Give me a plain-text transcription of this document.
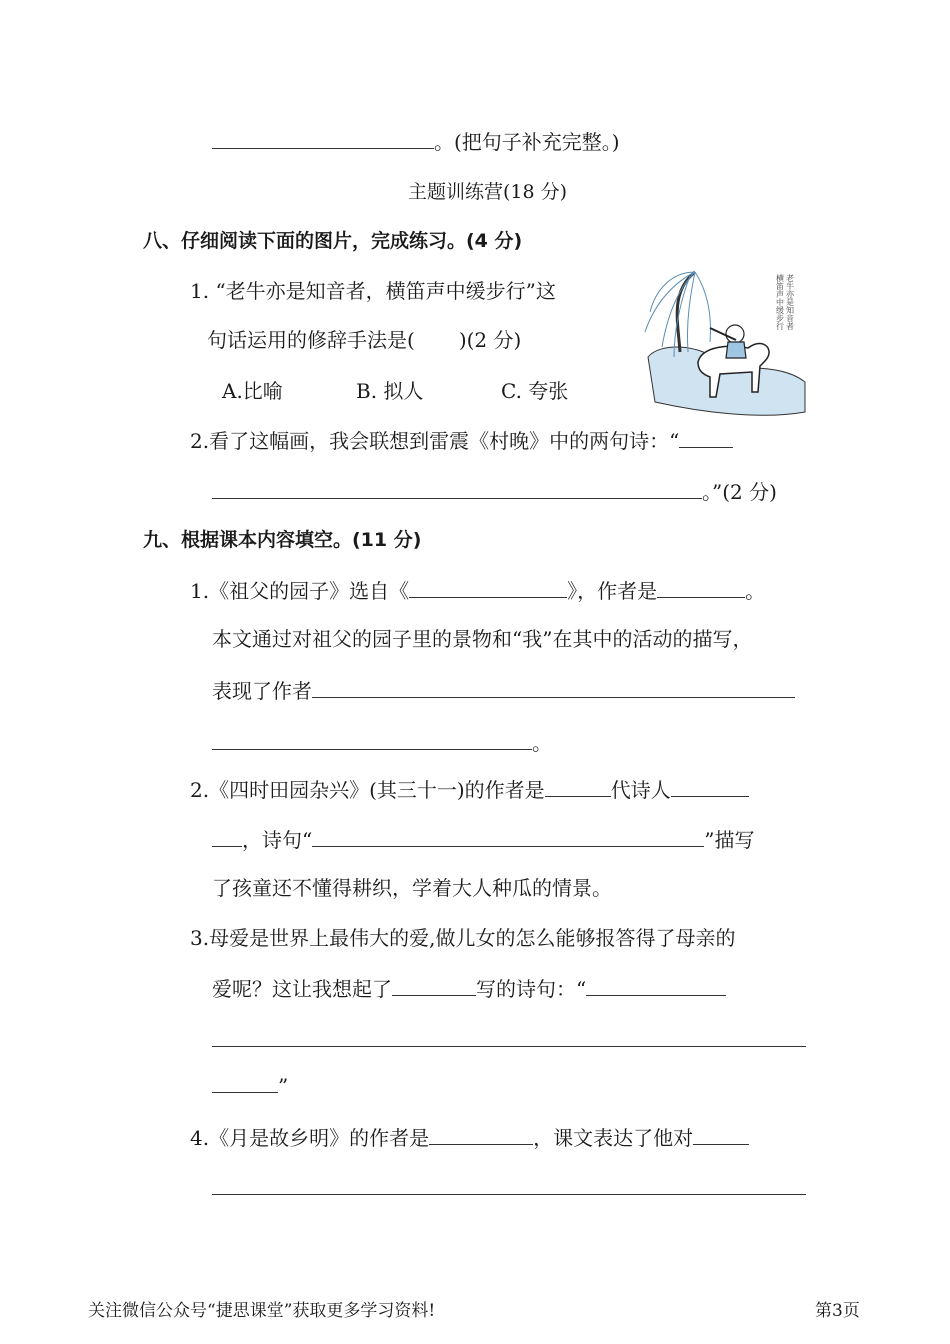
。(把句子补充完整。)
主题训练营(18 分)
八、仔细阅读下面的图片，完成练习。(4 分)
1. “老牛亦是知音者，横笛声中缓步行”这
句话运用的修辞手法是( )(2 分)
A.比喻	B. 拟人	C. 夸张
老牛亦是知音者
横笛声中缓步行
2.看了这幅画，我会联想到雷震《村晚》中的两句诗：“
。”(2 分)
九、根据课本内容填空。(11 分)
1.《祖父的园子》选自《	》，作者是	。
本文通过对祖父的园子里的景物和“我”在其中的活动的描写，
表现了作者
。
2.《四时田园杂兴》(其三十一)的作者是	代诗人
，诗句“	”描写
了孩童还不懂得耕织，学着大人种瓜的情景。
3.母爱是世界上最伟大的爱,做儿女的怎么能够报答得了母亲的
爱呢？这让我想起了	写的诗句：“
”
4.《月是故乡明》的作者是	，课文表达了他对
关注微信公众号“捷思课堂”获取更多学习资料!	第3页
